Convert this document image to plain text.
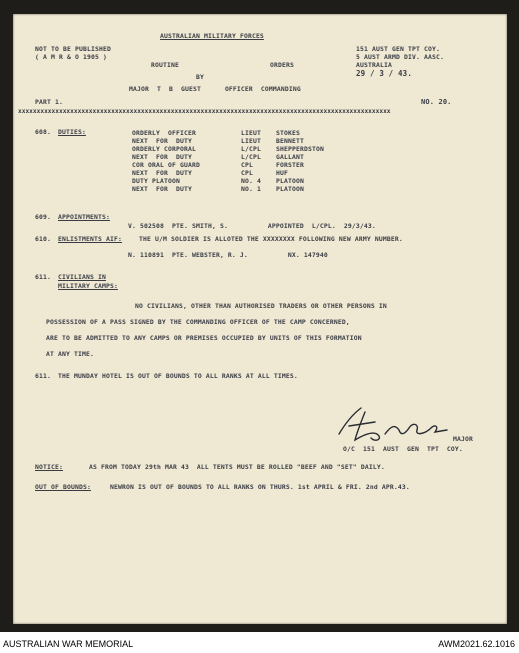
AUSTRALIAN MILITARY FORCES
NOT TO BE PUBLISHED
( A M R & O 1905 )
151 AUST GEN TPT COY.
5 AUST ARMD DIV. AASC.
AUSTRALIA
29 / 3 / 43.
ROUTINE	ORDERS
BY
MAJOR  T  B  GUEST      OFFICER  COMMANDING
PART 1.	NO. 20.
xxxxxxxxxxxxxxxxxxxxxxxxxxxxxxxxxxxxxxxxxxxxxxxxxxxxxxxxxxxxxxxxxxxxxxxxxxxxxxxxxxxxxxxxxxxxxxxxxxxx
608. DUTIES:	ORDERLY  OFFICER	LIEUT STOKES
NEXT  FOR  DUTY	LIEUT BENNETT
ORDERLY CORPORAL	L/CPL SHEPPERDSTON
NEXT  FOR  DUTY	L/CPL GALLANT
COR ORAL OF GUARD	CPL	FORSTER
NEXT  FOR  DUTY	CPL	HUF
DUTY PLATOON	NO. 4 PLATOON
NEXT  FOR  DUTY	NO. 1 PLATOON
609. APPOINTMENTS:
V. 502508  PTE. SMITH, S.          APPOINTED  L/CPL.  29/3/43.
610. ENLISTMENTS AIF:	THE U/M SOLDIER IS ALLOTED THE XXXXXXXX FOLLOWING NEW ARMY NUMBER.
N. 110891  PTE. WEBSTER, R. J.          NX. 147940
611. CIVILIANS IN
MILITARY CAMPS:
NO CIVILIANS, OTHER THAN AUTHORISED TRADERS OR OTHER PERSONS IN
POSSESSION OF A PASS SIGNED BY THE COMMANDING OFFICER OF THE CAMP CONCERNED,
ARE TO BE ADMITTED TO ANY CAMPS OR PREMISES OCCUPIED BY UNITS OF THIS FORMATION
AT ANY TIME.
611. THE MUNDAY HOTEL IS OUT OF BOUNDS TO ALL RANKS AT ALL TIMES.
MAJOR
O/C  151  AUST  GEN  TPT  COY.
NOTICE:	AS FROM TODAY 29th MAR 43  ALL TENTS MUST BE ROLLED "BEEF AND "SET" DAILY.
OUT OF BOUNDS:	NEWRON IS OUT OF BOUNDS TO ALL RANKS ON THURS. 1st APRIL & FRI. 2nd APR.43.
AUSTRALIAN WAR MEMORIAL	AWM2021.62.1016
